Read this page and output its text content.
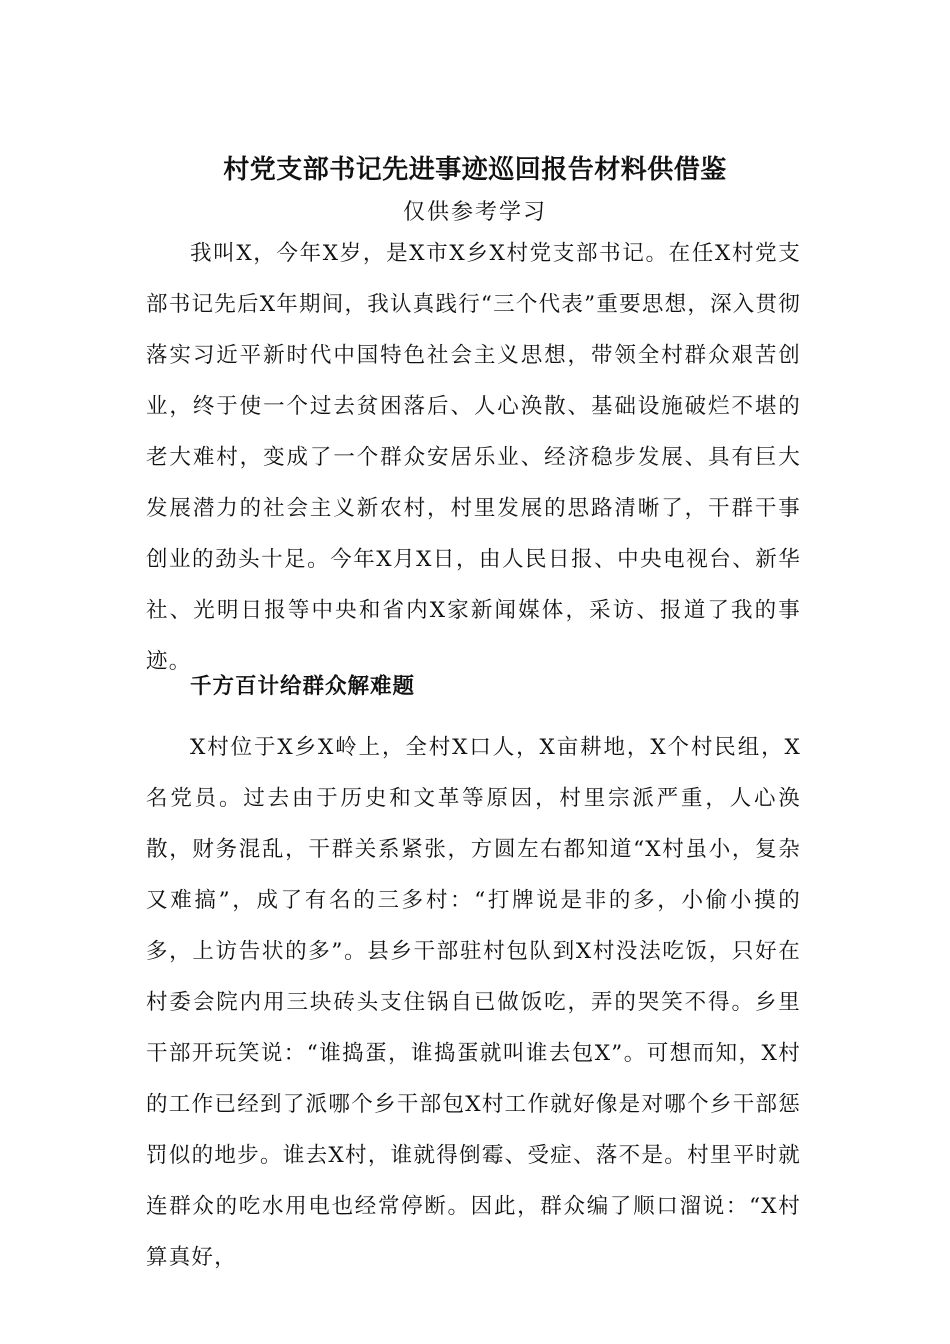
村党支部书记先进事迹巡回报告材料供借鉴
仅供参考学习

我叫X，今年X岁，是X市X乡X村党支部书记。在任X村党支部书记先后X年期间，我认真践行“三个代表”重要思想，深入贯彻落实习近平新时代中国特色社会主义思想，带领全村群众艰苦创业，终于使一个过去贫困落后、人心涣散、基础设施破烂不堪的老大难村，变成了一个群众安居乐业、经济稳步发展、具有巨大发展潜力的社会主义新农村，村里发展的思路清晰了，干群干事创业的劲头十足。今年X月X日，由人民日报、中央电视台、新华社、光明日报等中央和省内X家新闻媒体，采访、报道了我的事迹。

千方百计给群众解难题

X村位于X乡X岭上，全村X口人，X亩耕地，X个村民组，X名党员。过去由于历史和文革等原因，村里宗派严重，人心涣散，财务混乱，干群关系紧张，方圆左右都知道“X村虽小，复杂又难搞”，成了有名的三多村：“打牌说是非的多，小偷小摸的多，上访告状的多”。县乡干部驻村包队到X村没法吃饭，只好在村委会院内用三块砖头支住锅自已做饭吃，弄的哭笑不得。乡里干部开玩笑说：“谁捣蛋，谁捣蛋就叫谁去包X”。可想而知，X村的工作已经到了派哪个乡干部包X村工作就好像是对哪个乡干部惩罚似的地步。谁去X村，谁就得倒霉、受症、落不是。村里平时就连群众的吃水用电也经常停断。因此，群众编了顺口溜说：“X村算真好，
